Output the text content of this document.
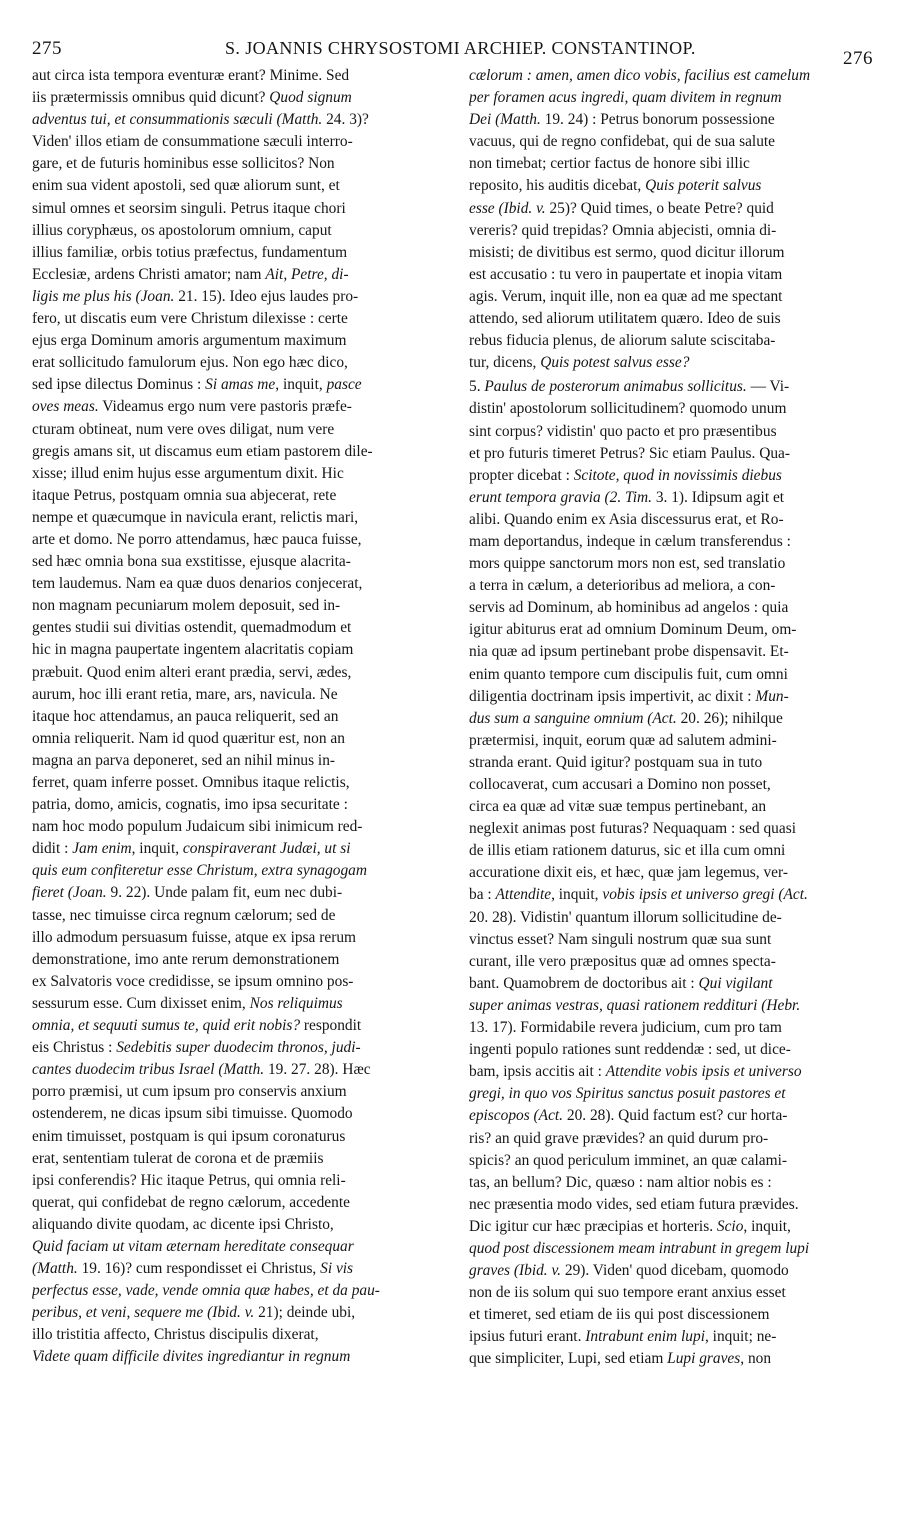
275	S. JOANNIS CHRYSOSTOMI ARCHIEP. CONSTANTINOP.	276
aut circa ista tempora eventuræ erant? Minime. Sed
iis prætermissis omnibus quid dicunt? Quod signum
adventus tui, et consummationis sæculi (Matth. 24. 3)?
Viden' illos etiam de consummatione sæculi interro-
gare, et de futuris hominibus esse sollicitos? Non
enim sua vident apostoli, sed quæ aliorum sunt, et
simul omnes et seorsim singuli. Petrus itaque chori
illius coryphæus, os apostolorum omnium, caput
illius familiæ, orbis totius præfectus, fundamentum
Ecclesiæ, ardens Christi amator; nam Ait, Petre, di-
ligis me plus his (Joan. 21. 15). Ideo ejus laudes pro-
fero, ut discatis eum vere Christum dilexisse : certe
ejus erga Dominum amoris argumentum maximum
erat sollicitudo famulorum ejus. Non ego hæc dico,
sed ipse dilectus Dominus : Si amas me, inquit, pasce
oves meas. Videamus ergo num vere pastoris præfe-
cturam obtineat, num vere oves diligat, num vere
gregis amans sit, ut discamus eum etiam pastorem dile-
xisse; illud enim hujus esse argumentum dixit. Hic
itaque Petrus, postquam omnia sua abjecerat, rete
nempe et quæcumque in navicula erant, relictis mari,
arte et domo. Ne porro attendamus, hæc pauca fuisse,
sed hæc omnia bona sua exstitisse, ejusque alacrita-
tem laudemus. Nam ea quæ duos denarios conjecerat,
non magnam pecuniarum molem deposuit, sed in-
gentes studii sui divitias ostendit, quemadmodum et
hic in magna paupertate ingentem alacritatis copiam
præbuit. Quod enim alteri erant prædia, servi, ædes,
aurum, hoc illi erant retia, mare, ars, navicula. Ne
itaque hoc attendamus, an pauca reliquerit, sed an
omnia reliquerit. Nam id quod quæritur est, non an
magna an parva deponeret, sed an nihil minus in-
ferret, quam inferre posset. Omnibus itaque relictis,
patria, domo, amicis, cognatis, imo ipsa securitate :
nam hoc modo populum Judaicum sibi inimicum red-
didit : Jam enim, inquit, conspiraverant Judæi, ut si
quis eum confiteretur esse Christum, extra synagogam
fieret (Joan. 9. 22). Unde palam fit, eum nec dubi-
tasse, nec timuisse circa regnum cælorum; sed de
illo admodum persuasum fuisse, atque ex ipsa rerum
demonstratione, imo ante rerum demonstrationem
ex Salvatoris voce credidisse, se ipsum omnino pos-
sessurum esse. Cum dixisset enim, Nos reliquimus
omnia, et sequuti sumus te, quid erit nobis? respondit
eis Christus : Sedebitis super duodecim thronos, judi-
cantes duodecim tribus Israel (Matth. 19. 27. 28). Hæc
porro præmisi, ut cum ipsum pro conservis anxium
ostenderem, ne dicas ipsum sibi timuisse. Quomodo
enim timuisset, postquam is qui ipsum coronaturus
erat, sententiam tulerat de corona et de præmiis
ipsi conferendis? Hic itaque Petrus, qui omnia reli-
querat, qui confidebat de regno cælorum, accedente
aliquando divite quodam, ac dicente ipsi Christo,
Quid faciam ut vitam æternam hereditate consequar
(Matth. 19. 16)? cum respondisset ei Christus, Si vis
perfectus esse, vade, vende omnia quæ habes, et da pau-
peribus, et veni, sequere me (Ibid. v. 21); deinde ubi,
illo tristitia affecto, Christus discipulis dixerat,
Videte quam difficile divites ingrediantur in regnum
cælorum : amen, amen dico vobis, facilius est camelum
per foramen acus ingredi, quam divitem in regnum
Dei (Matth. 19. 24) : Petrus bonorum possessione
vacuus, qui de regno confidebat, qui de sua salute
non timebat; certior factus de honore sibi illic
reposito, his auditis dicebat, Quis poterit salvus
esse (Ibid. v. 25)? Quid times, o beate Petre? quid
vereris? quid trepidas? Omnia abjecisti, omnia di-
misisti; de divitibus est sermo, quod dicitur illorum
est accusatio : tu vero in paupertate et inopia vitam
agis. Verum, inquit ille, non ea quæ ad me spectant
attendo, sed aliorum utilitatem quæro. Ideo de suis
rebus fiducia plenus, de aliorum salute sciscitaba-
tur, dicens, Quis potest salvus esse?
5. Paulus de posterorum animabus sollicitus. — Vi-
distin' apostolorum sollicitudinem? quomodo unum
sint corpus? vidistin' quo pacto et pro præsentibus
et pro futuris timeret Petrus? Sic etiam Paulus. Qua-
propter dicebat : Scitote, quod in novissimis diebus
erunt tempora gravia (2. Tim. 3. 1). Idipsum agit et
alibi. Quando enim ex Asia discessurus erat, et Ro-
mam deportandus, indeque in cælum transferendus :
mors quippe sanctorum mors non est, sed translatio
a terra in cælum, a deterioribus ad meliora, a con-
servis ad Dominum, ab hominibus ad angelos : quia
igitur abiturus erat ad omnium Dominum Deum, om-
nia quæ ad ipsum pertinebant probe dispensavit. Et-
enim quanto tempore cum discipulis fuit, cum omni
diligentia doctrinam ipsis impertivit, ac dixit : Mun-
dus sum a sanguine omnium (Act. 20. 26); nihilque
prætermisi, inquit, eorum quæ ad salutem admini-
stranda erant. Quid igitur? postquam sua in tuto
collocaverat, cum accusari a Domino non posset,
circa ea quæ ad vitæ suæ tempus pertinebant, an
neglexit animas post futuras? Nequaquam : sed quasi
de illis etiam rationem daturus, sic et illa cum omni
accuratione dixit eis, et hæc, quæ jam legemus, ver-
ba : Attendite, inquit, vobis ipsis et universo gregi (Act.
20. 28). Vidistin' quantum illorum sollicitudine de-
vinctus esset? Nam singuli nostrum quæ sua sunt
curant, ille vero præpositus quæ ad omnes specta-
bant. Quamobrem de doctoribus ait : Qui vigilant
super animas vestras, quasi rationem reddituri (Hebr.
13. 17). Formidabile revera judicium, cum pro tam
ingenti populo rationes sunt reddendæ : sed, ut dice-
bam, ipsis accitis ait : Attendite vobis ipsis et universo
gregi, in quo vos Spiritus sanctus posuit pastores et
episcopos (Act. 20. 28). Quid factum est? cur horta-
ris? an quid grave prævides? an quid durum pro-
spicis? an quod periculum imminet, an quæ calami-
tas, an bellum? Dic, quæso : nam altior nobis es :
nec præsentia modo vides, sed etiam futura prævides.
Dic igitur cur hæc præcipias et horteris. Scio, inquit,
quod post discessionem meam intrabunt in gregem lupi
graves (Ibid. v. 29). Viden' quod dicebam, quomodo
non de iis solum qui suo tempore erant anxius esset
et timeret, sed etiam de iis qui post discessionem
ipsius futuri erant. Intrabunt enim lupi, inquit; ne-
que simpliciter, Lupi, sed etiam Lupi graves, non
